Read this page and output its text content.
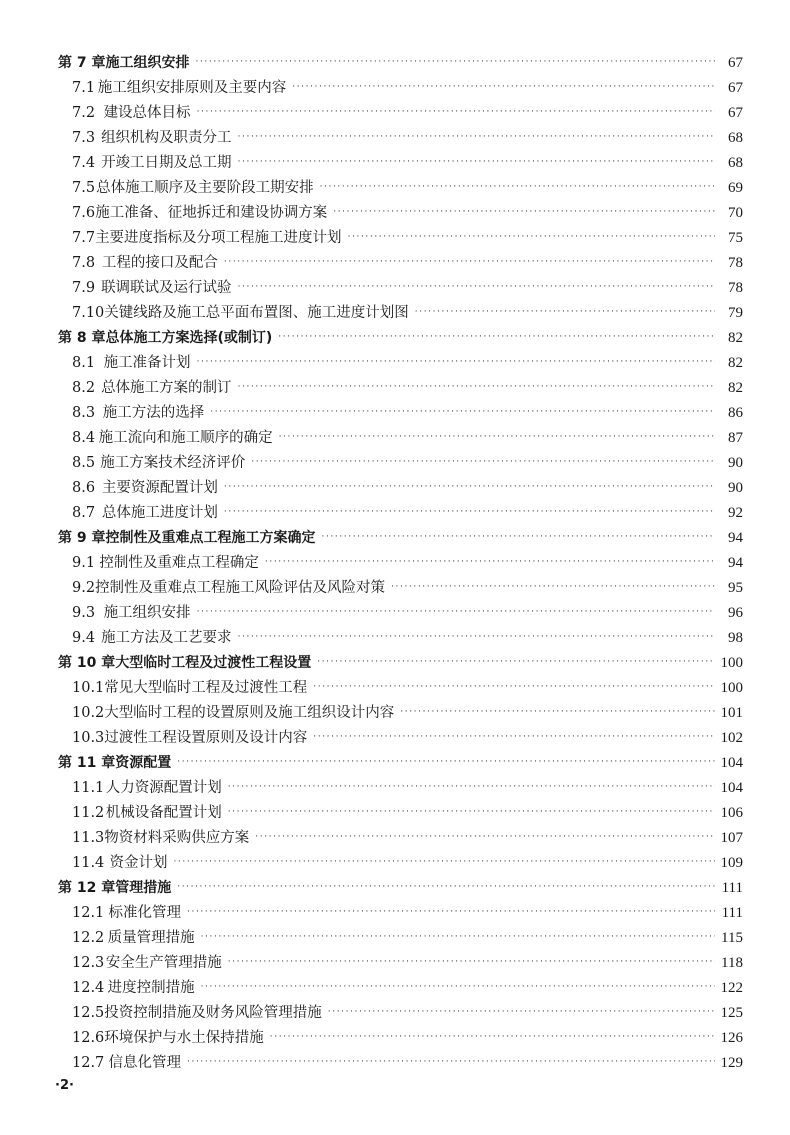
第 7 章 施工组织安排 ·····	67
7.1 施工组织安排原则及主要内容 ·····	67
7.2 建设总体目标 ·····	67
7.3 组织机构及职责分工 ·····	68
7.4 开竣工日期及总工期 ·····	68
7.5 总体施工顺序及主要阶段工期安排 ·····	69
7.6 施工准备、征地拆迁和建设协调方案 ·····	70
7.7 主要进度指标及分项工程施工进度计划 ·····	75
7.8 工程的接口及配合 ·····	78
7.9 联调联试及运行试验 ·····	78
7.10 关键线路及施工总平面布置图、施工进度计划图 ·····	79
第 8 章 总体施工方案选择(或制订) ·····	82
8.1 施工准备计划 ·····	82
8.2 总体施工方案的制订 ·····	82
8.3 施工方法的选择 ·····	86
8.4 施工流向和施工顺序的确定 ·····	87
8.5 施工方案技术经济评价 ·····	90
8.6 主要资源配置计划 ·····	90
8.7 总体施工进度计划 ·····	92
第 9 章 控制性及重难点工程施工方案确定 ·····	94
9.1 控制性及重难点工程确定 ·····	94
9.2 控制性及重难点工程施工风险评估及风险对策 ·····	95
9.3 施工组织安排 ·····	96
9.4 施工方法及工艺要求 ·····	98
第 10 章 大型临时工程及过渡性工程设置 ·····	100
10.1 常见大型临时工程及过渡性工程 ·····	100
10.2 大型临时工程的设置原则及施工组织设计内容 ·····	101
10.3 过渡性工程设置原则及设计内容 ·····	102
第 11 章 资源配置 ·····	104
11.1 人力资源配置计划 ·····	104
11.2 机械设备配置计划 ·····	106
11.3 物资材料采购供应方案 ·····	107
11.4 资金计划 ·····	109
第 12 章 管理措施 ·····	111
12.1 标准化管理 ·····	111
12.2 质量管理措施 ·····	115
12.3 安全生产管理措施 ·····	118
12.4 进度控制措施 ·····	122
12.5 投资控制措施及财务风险管理措施 ·····	125
12.6 环境保护与水土保持措施 ·····	126
12.7 信息化管理 ·····	129
·2·
